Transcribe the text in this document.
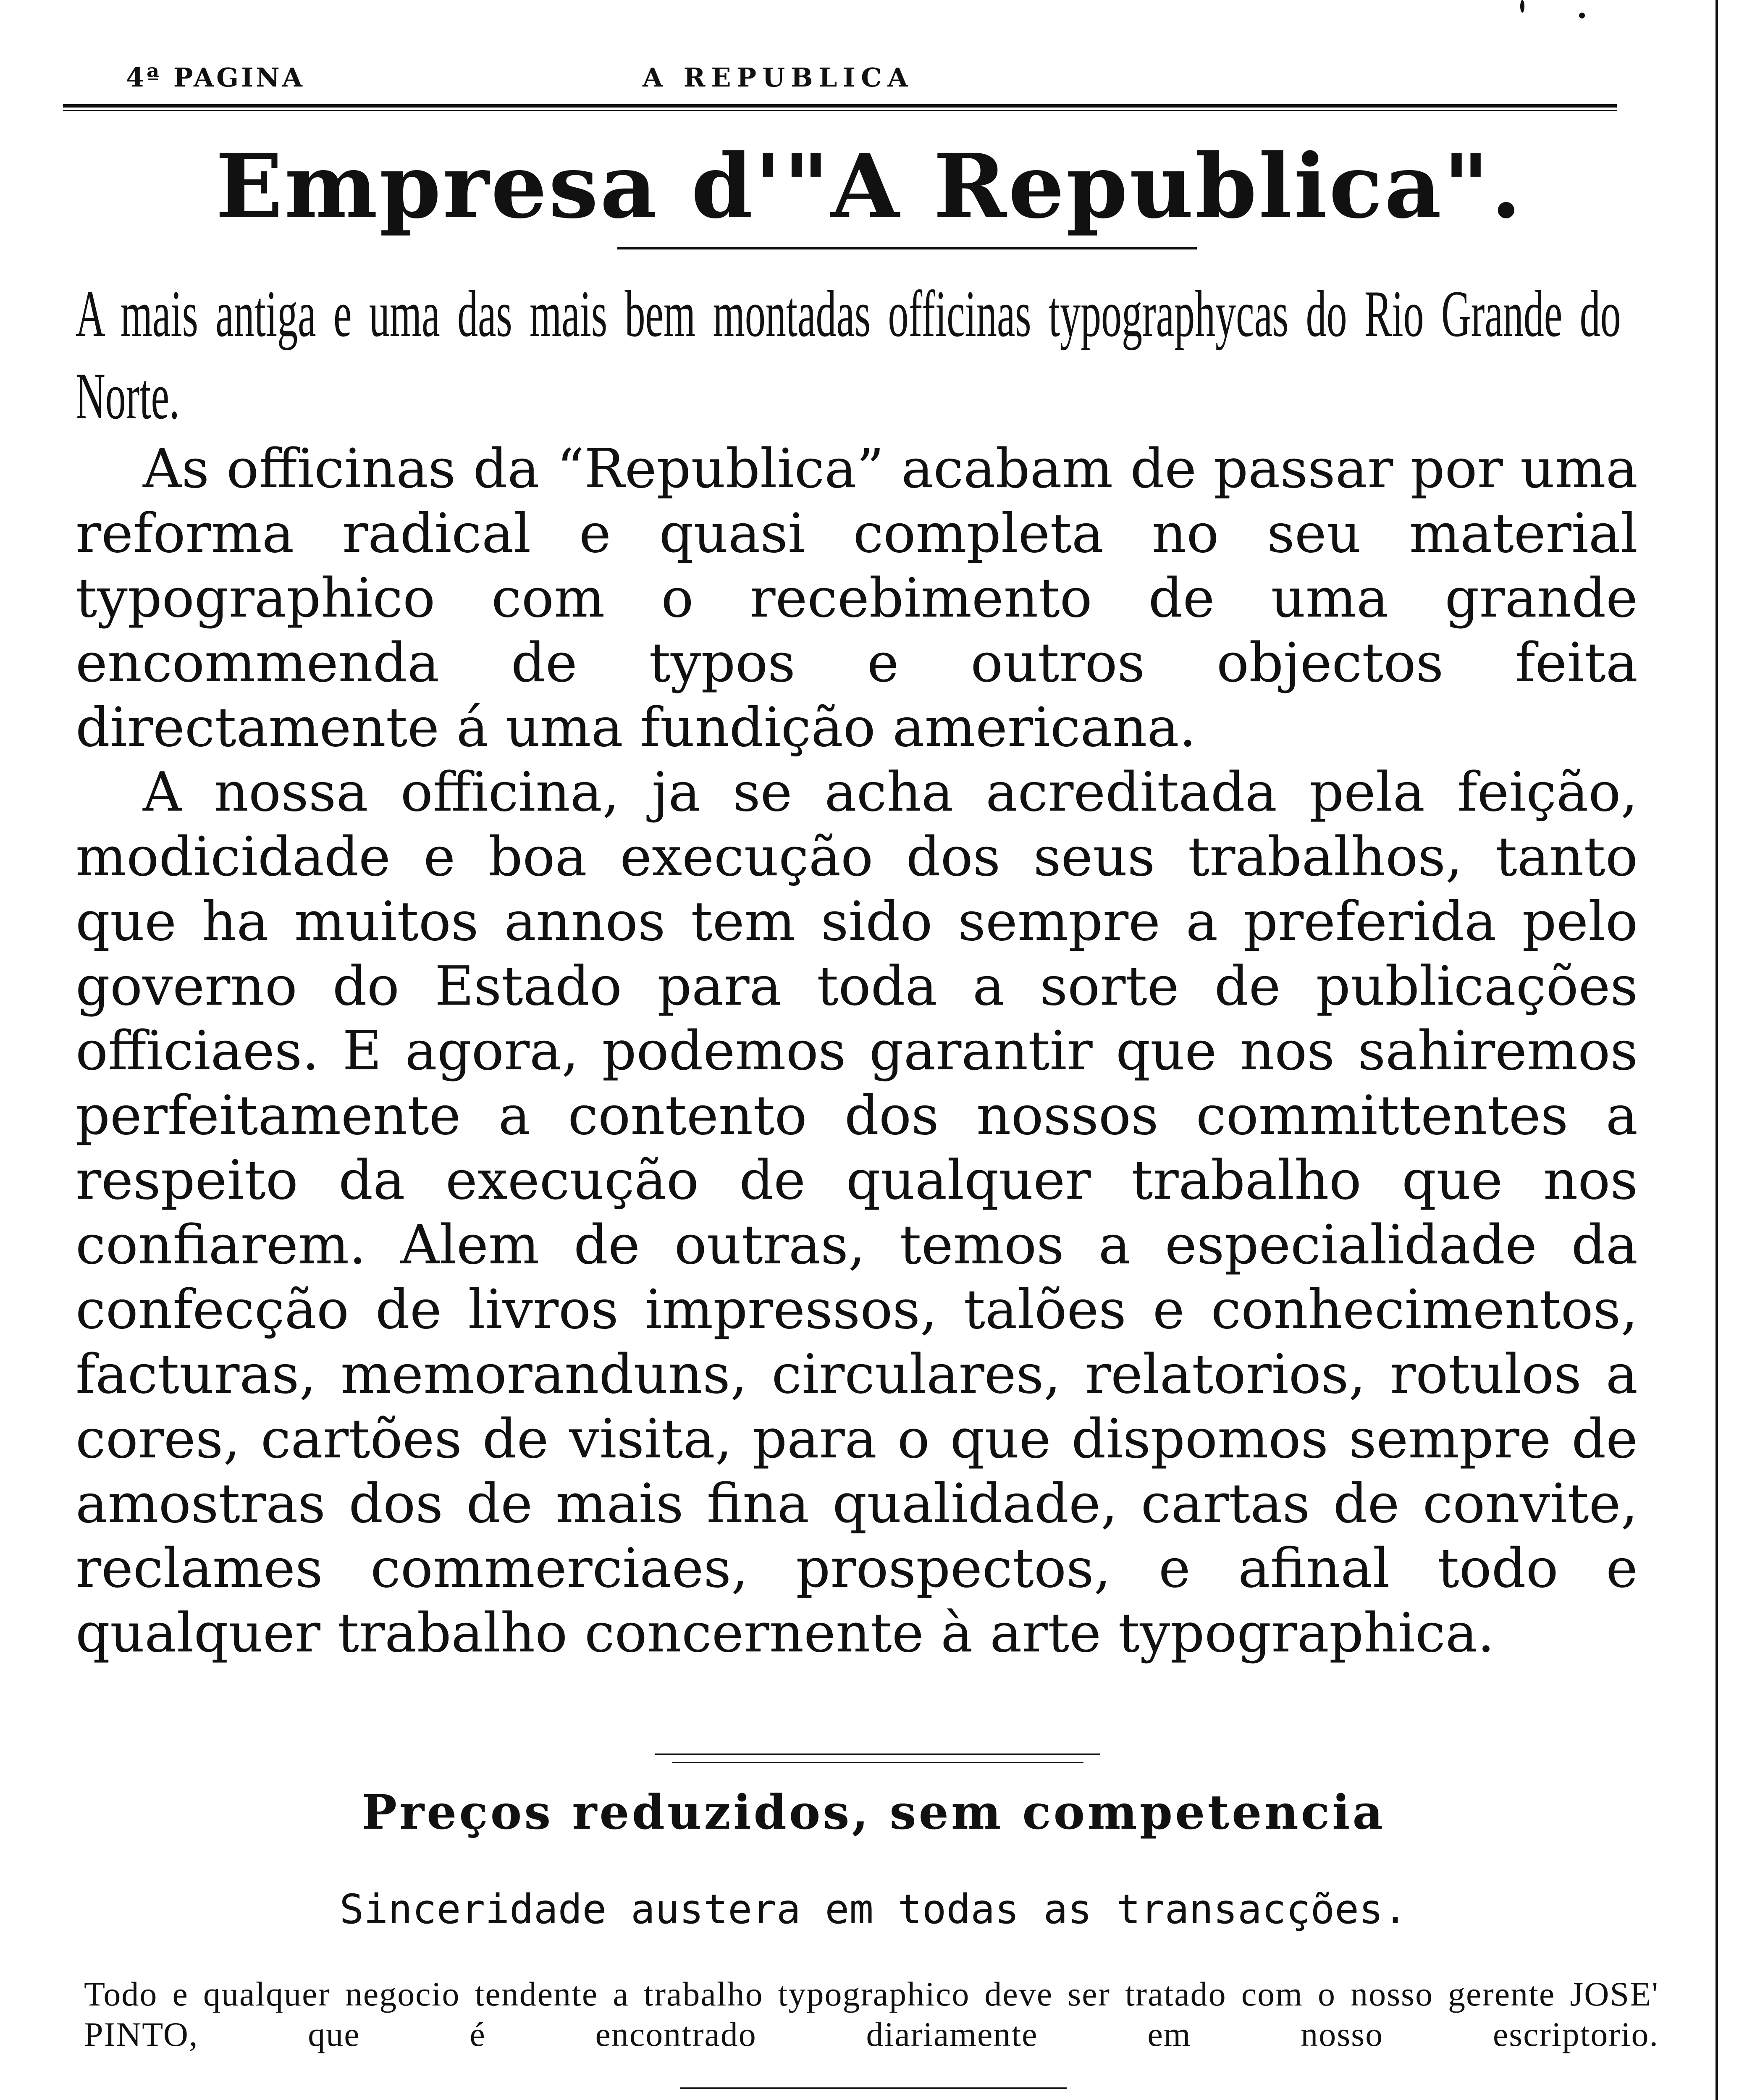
4ª PAGINA	A REPUBLICA
Empresa d'"A Republica".
A mais antiga e uma das mais bem montadas officinas typographycas do Rio Grande do Norte.

As officinas da “Republica” acabam de passar por uma reforma radical e quasi completa no seu material typographico com o recebimento de uma grande encommenda de typos e outros objectos feita directamente á uma fundição americana.

A nossa officina, ja se acha acreditada pela feição, modicidade e boa execução dos seus trabalhos, tanto que ha muitos annos tem sido sempre a preferida pelo governo do Estado para toda a sorte de publicações officiaes. E agora, podemos garantir que nos sahiremos perfeitamente a contento dos nossos committentes a respeito da execução de qualquer trabalho que nos confiarem. Alem de outras, temos a especialidade da confecção de livros impressos, talões e conhecimentos, facturas, memoranduns, circulares, relatorios, rotulos a cores, cartões de visita, para o que dispomos sempre de amostras dos de mais fina qualidade, cartas de convite, reclames commerciaes, prospectos, e afinal todo e qualquer trabalho concernente à arte typographica.

Preços reduzidos, sem competencia
Sinceridade austera em todas as transacções.
Todo e qualquer negocio tendente a trabalho typographico deve ser tratado com o nosso gerente JOSE' PINTO, que é encontrado diariamente em nosso escriptorio.
